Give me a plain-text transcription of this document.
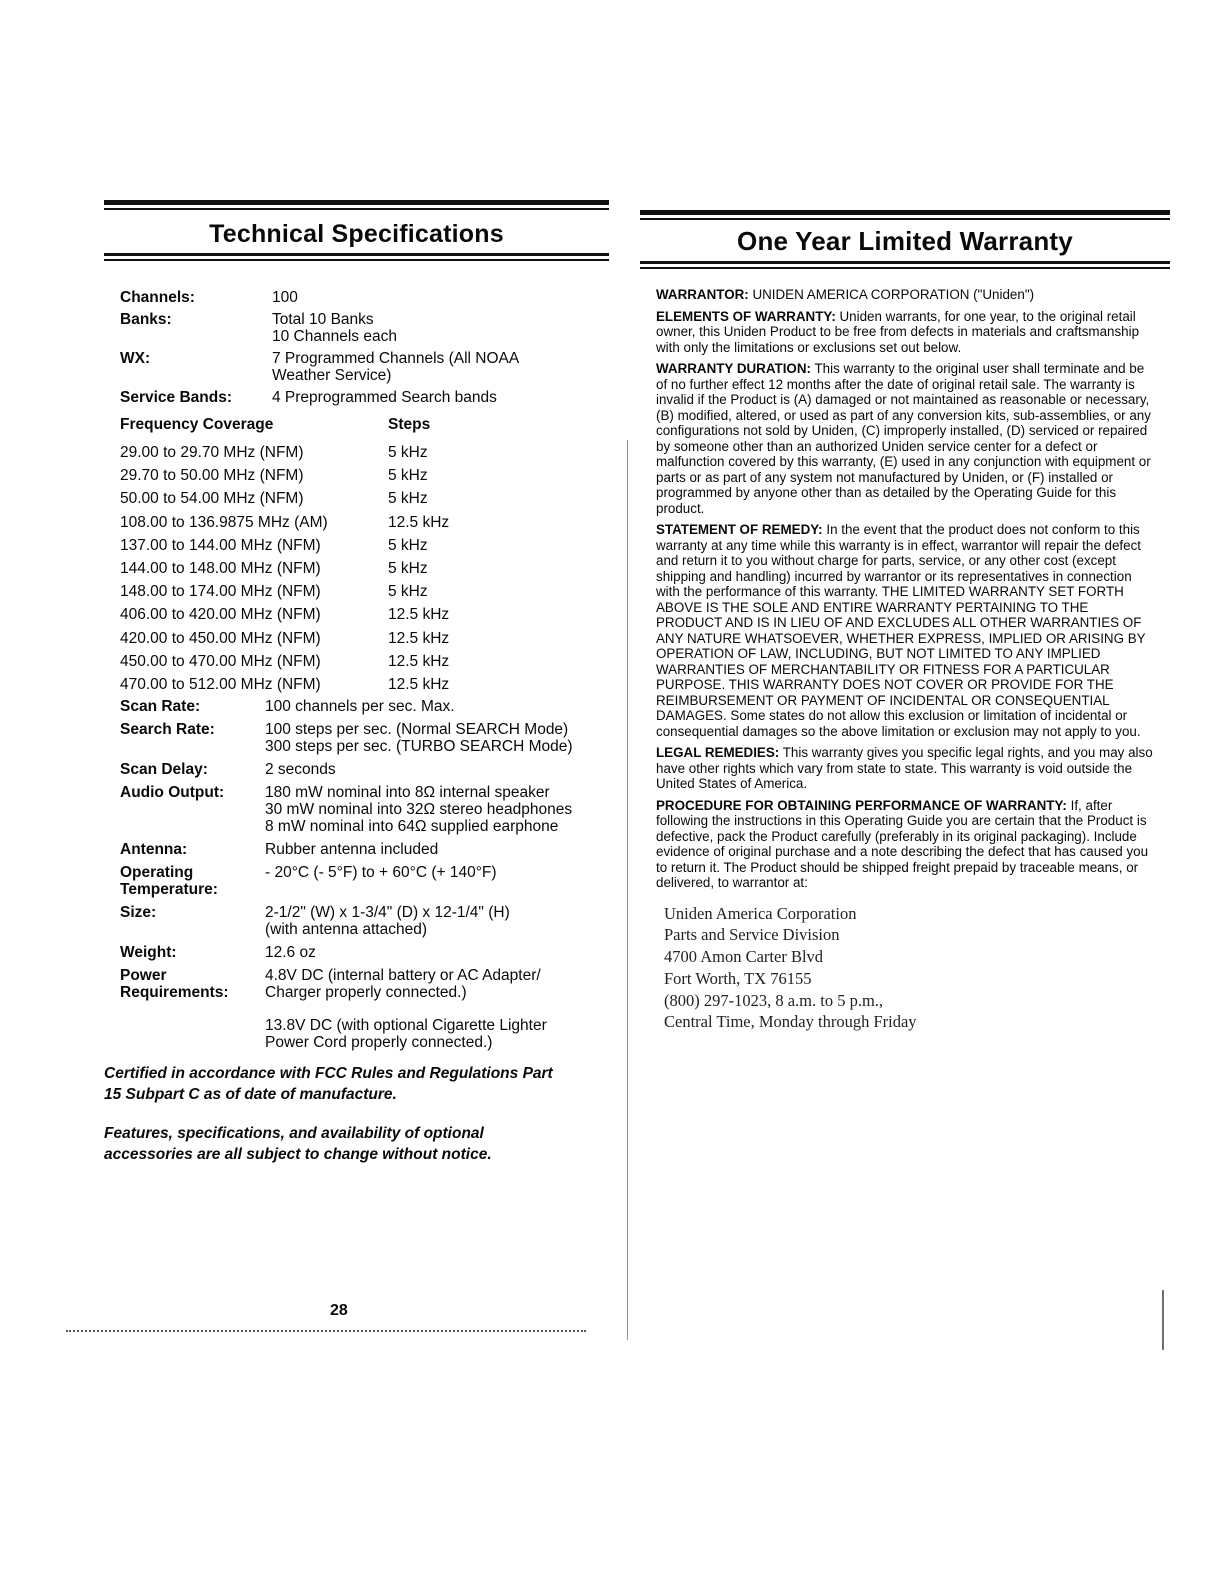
Technical Specifications
Channels:	100
Banks:	Total 10 Banks
10 Channels each
WX:	7 Programmed Channels (All NOAA
Weather Service)
Service Bands:	4 Preprogrammed Search bands
Frequency Coverage	Steps
29.00 to 29.70 MHz (NFM)	5 kHz
29.70 to 50.00 MHz (NFM)	5 kHz
50.00 to 54.00 MHz (NFM)	5 kHz
108.00 to 136.9875 MHz (AM)	12.5 kHz
137.00 to 144.00 MHz (NFM)	5 kHz
144.00 to 148.00 MHz (NFM)	5 kHz
148.00 to 174.00 MHz (NFM)	5 kHz
406.00 to 420.00 MHz (NFM)	12.5 kHz
420.00 to 450.00 MHz (NFM)	12.5 kHz
450.00 to 470.00 MHz (NFM)	12.5 kHz
470.00 to 512.00 MHz (NFM)	12.5 kHz
Scan Rate:	100 channels per sec. Max.
Search Rate:	100 steps per sec. (Normal SEARCH Mode)
300 steps per sec. (TURBO SEARCH Mode)
Scan Delay:	2 seconds
Audio Output:	180 mW nominal into 8Ω internal speaker
30 mW nominal into 32Ω stereo headphones
8 mW nominal into 64Ω supplied earphone
Antenna:	Rubber antenna included
Operating Temperature:
- 20°C (- 5°F) to + 60°C (+ 140°F)
Size:	2-1/2" (W) x 1-3/4" (D) x 12-1/4" (H)
(with antenna attached)
Weight:	12.6 oz
Power Requirements:
4.8V DC (internal battery or AC Adapter/
Charger properly connected.)
13.8V DC (with optional Cigarette Lighter
Power Cord properly connected.)
Certified in accordance with FCC Rules and Regulations Part 15 Subpart C as of date of manufacture.
Features, specifications, and availability of optional accessories are all subject to change without notice.
28
One Year Limited Warranty

WARRANTOR: UNIDEN AMERICA CORPORATION ("Uniden")

ELEMENTS OF WARRANTY: Uniden warrants, for one year, to the original retail owner, this Uniden Product to be free from defects in materials and craftsmanship with only the limitations or exclusions set out below.

WARRANTY DURATION: This warranty to the original user shall terminate and be of no further effect 12 months after the date of original retail sale. The warranty is invalid if the Product is (A) damaged or not maintained as reasonable or necessary, (B) modified, altered, or used as part of any conversion kits, sub-assemblies, or any configurations not sold by Uniden, (C) improperly installed, (D) serviced or repaired by someone other than an authorized Uniden service center for a defect or malfunction covered by this warranty, (E) used in any conjunction with equipment or parts or as part of any system not manufactured by Uniden, or (F) installed or programmed by anyone other than as detailed by the Operating Guide for this product.

STATEMENT OF REMEDY: In the event that the product does not conform to this warranty at any time while this warranty is in effect, warrantor will repair the defect and return it to you without charge for parts, service, or any other cost (except shipping and handling) incurred by warrantor or its representatives in connection with the performance of this warranty. THE LIMITED WARRANTY SET FORTH ABOVE IS THE SOLE AND ENTIRE WARRANTY PERTAINING TO THE PRODUCT AND IS IN LIEU OF AND EXCLUDES ALL OTHER WARRANTIES OF ANY NATURE WHATSOEVER, WHETHER EXPRESS, IMPLIED OR ARISING BY OPERATION OF LAW, INCLUDING, BUT NOT LIMITED TO ANY IMPLIED WARRANTIES OF MERCHANTABILITY OR FITNESS FOR A PARTICULAR PURPOSE. THIS WARRANTY DOES NOT COVER OR PROVIDE FOR THE REIMBURSEMENT OR PAYMENT OF INCIDENTAL OR CONSEQUENTIAL DAMAGES. Some states do not allow this exclusion or limitation of incidental or consequential damages so the above limitation or exclusion may not apply to you.

LEGAL REMEDIES: This warranty gives you specific legal rights, and you may also have other rights which vary from state to state. This warranty is void outside the United States of America.

PROCEDURE FOR OBTAINING PERFORMANCE OF WARRANTY: If, after following the instructions in this Operating Guide you are certain that the Product is defective, pack the Product carefully (preferably in its original packaging). Include evidence of original purchase and a note describing the defect that has caused you to return it. The Product should be shipped freight prepaid by traceable means, or delivered, to warrantor at:

Uniden America Corporation
Parts and Service Division
4700 Amon Carter Blvd
Fort Worth, TX 76155
(800) 297-1023, 8 a.m. to 5 p.m.,
Central Time, Monday through Friday
